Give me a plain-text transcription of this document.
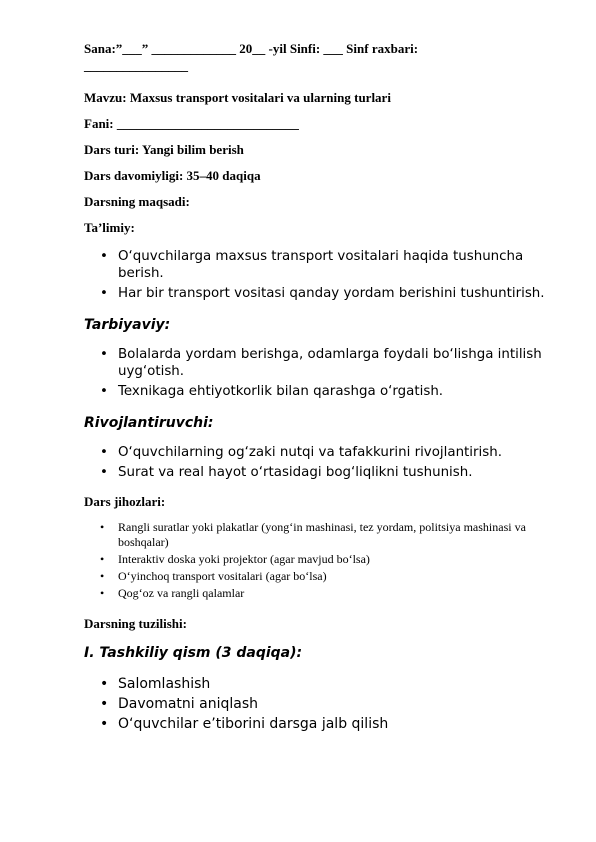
Sana:”___” _____________ 20__ -yil Sinfi: ___ Sinf raxbari:

________________

Mavzu: Maxsus transport vositalari va ularning turlari

Fani: ____________________________

Dars turi: Yangi bilim berish

Dars davomiyligi: 35–40 daqiqa

Darsning maqsadi:

Ta’limiy:

• O‘quvchilarga maxsus transport vositalari haqida tushuncha berish.
• Har bir transport vositasi qanday yordam berishini tushuntirish.

Tarbiyaviy:

• Bolalarda yordam berishga, odamlarga foydali bo‘lishga intilish uyg‘otish.
• Texnikaga ehtiyotkorlik bilan qarashga o‘rgatish.

Rivojlantiruvchi:

• O‘quvchilarning og‘zaki nutqi va tafakkurini rivojlantirish.
• Surat va real hayot o‘rtasidagi bog‘liqlikni tushunish.

Dars jihozlari:

• Rangli suratlar yoki plakatlar (yong‘in mashinasi, tez yordam, politsiya mashinasi va boshqalar)
• Interaktiv doska yoki projektor (agar mavjud bo‘lsa)
• O‘yinchoq transport vositalari (agar bo‘lsa)
• Qog‘oz va rangli qalamlar

Darsning tuzilishi:

I. Tashkiliy qism (3 daqiqa):

• Salomlashish
• Davomatni aniqlash
• O‘quvchilar e’tiborini darsga jalb qilish
